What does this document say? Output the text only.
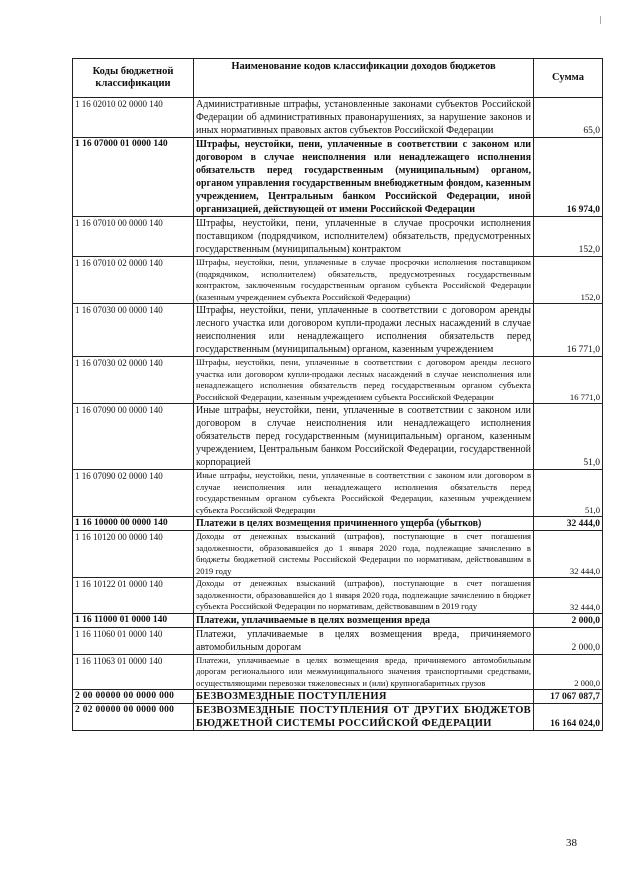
Коды бюджетной классификации	Наименование кодов классификации доходов бюджетов	Сумма
1 16 02010 02 0000 140	Административные штрафы, установленные законами субъектов Российской Федерации об административных правонарушениях, за нарушение законов и иных нормативных правовых актов субъектов Российской Федерации	65,0
1 16 07000 01 0000 140	Штрафы, неустойки, пени, уплаченные в соответствии с законом или договором в случае неисполнения или ненадлежащего исполнения обязательств перед государственным (муниципальным) органом, органом управления государственным внебюджетным фондом, казенным учреждением, Центральным банком Российской Федерации, иной организацией, действующей от имени Российской Федерации	16 974,0
1 16 07010 00 0000 140	Штрафы, неустойки, пени, уплаченные в случае просрочки исполнения поставщиком (подрядчиком, исполнителем) обязательств, предусмотренных государственным (муниципальным) контрактом	152,0
1 16 07010 02 0000 140	Штрафы, неустойки, пени, уплаченные в случае просрочки исполнения поставщиком (подрядчиком, исполнителем) обязательств, предусмотренных государственным контрактом, заключенным государственным органом субъекта Российской Федерации (казенным учреждением субъекта Российской Федерации)	152,0
1 16 07030 00 0000 140	Штрафы, неустойки, пени, уплаченные в соответствии с договором аренды лесного участка или договором купли-продажи лесных насаждений в случае неисполнения или ненадлежащего исполнения обязательств перед государственным (муниципальным) органом, казенным учреждением	16 771,0
1 16 07030 02 0000 140	Штрафы, неустойки, пени, уплаченные в соответствии с договором аренды лесного участка или договором купли-продажи лесных насаждений в случае неисполнения или ненадлежащего исполнения обязательств перед государственным органом субъекта Российской Федерации, казенным учреждением субъекта Российской Федерации	16 771,0
1 16 07090 00 0000 140	Иные штрафы, неустойки, пени, уплаченные в соответствии с законом или договором в случае неисполнения или ненадлежащего исполнения обязательств перед государственным (муниципальным) органом, казенным учреждением, Центральным банком Российской Федерации, государственной корпорацией	51,0
1 16 07090 02 0000 140	Иные штрафы, неустойки, пени, уплаченные в соответствии с законом или договором в случае неисполнения или ненадлежащего исполнения обязательств перед государственным органом субъекта Российской Федерации, казенным учреждением субъекта Российской Федерации	51,0
1 16 10000 00 0000 140	Платежи в целях возмещения причиненного ущерба (убытков)	32 444,0
1 16 10120 00 0000 140	Доходы от денежных взысканий (штрафов), поступающие в счет погашения задолженности, образовавшейся до 1 января 2020 года, подлежащие зачислению в бюджеты бюджетной системы Российской Федерации по нормативам, действовавшим в 2019 году	32 444,0
1 16 10122 01 0000 140	Доходы от денежных взысканий (штрафов), поступающие в счет погашения задолженности, образовавшейся до 1 января 2020 года, подлежащие зачислению в бюджет субъекта Российской Федерации по нормативам, действовавшим в 2019 году	32 444,0
1 16 11000 01 0000 140	Платежи, уплачиваемые в целях возмещения вреда	2 000,0
1 16 11060 01 0000 140	Платежи, уплачиваемые в целях возмещения вреда, причиняемого автомобильным дорогам	2 000,0
1 16 11063 01 0000 140	Платежи, уплачиваемые в целях возмещения вреда, причиняемого автомобильным дорогам регионального или межмуниципального значения транспортными средствами, осуществляющими перевозки тяжеловесных и (или) крупногабаритных грузов	2 000,0
2 00 00000 00 0000 000	БЕЗВОЗМЕЗДНЫЕ ПОСТУПЛЕНИЯ	17 067 087,7
2 02 00000 00 0000 000	БЕЗВОЗМЕЗДНЫЕ ПОСТУПЛЕНИЯ ОТ ДРУГИХ БЮДЖЕТОВ БЮДЖЕТНОЙ СИСТЕМЫ РОССИЙСКОЙ ФЕДЕРАЦИИ	16 164 024,0
38
